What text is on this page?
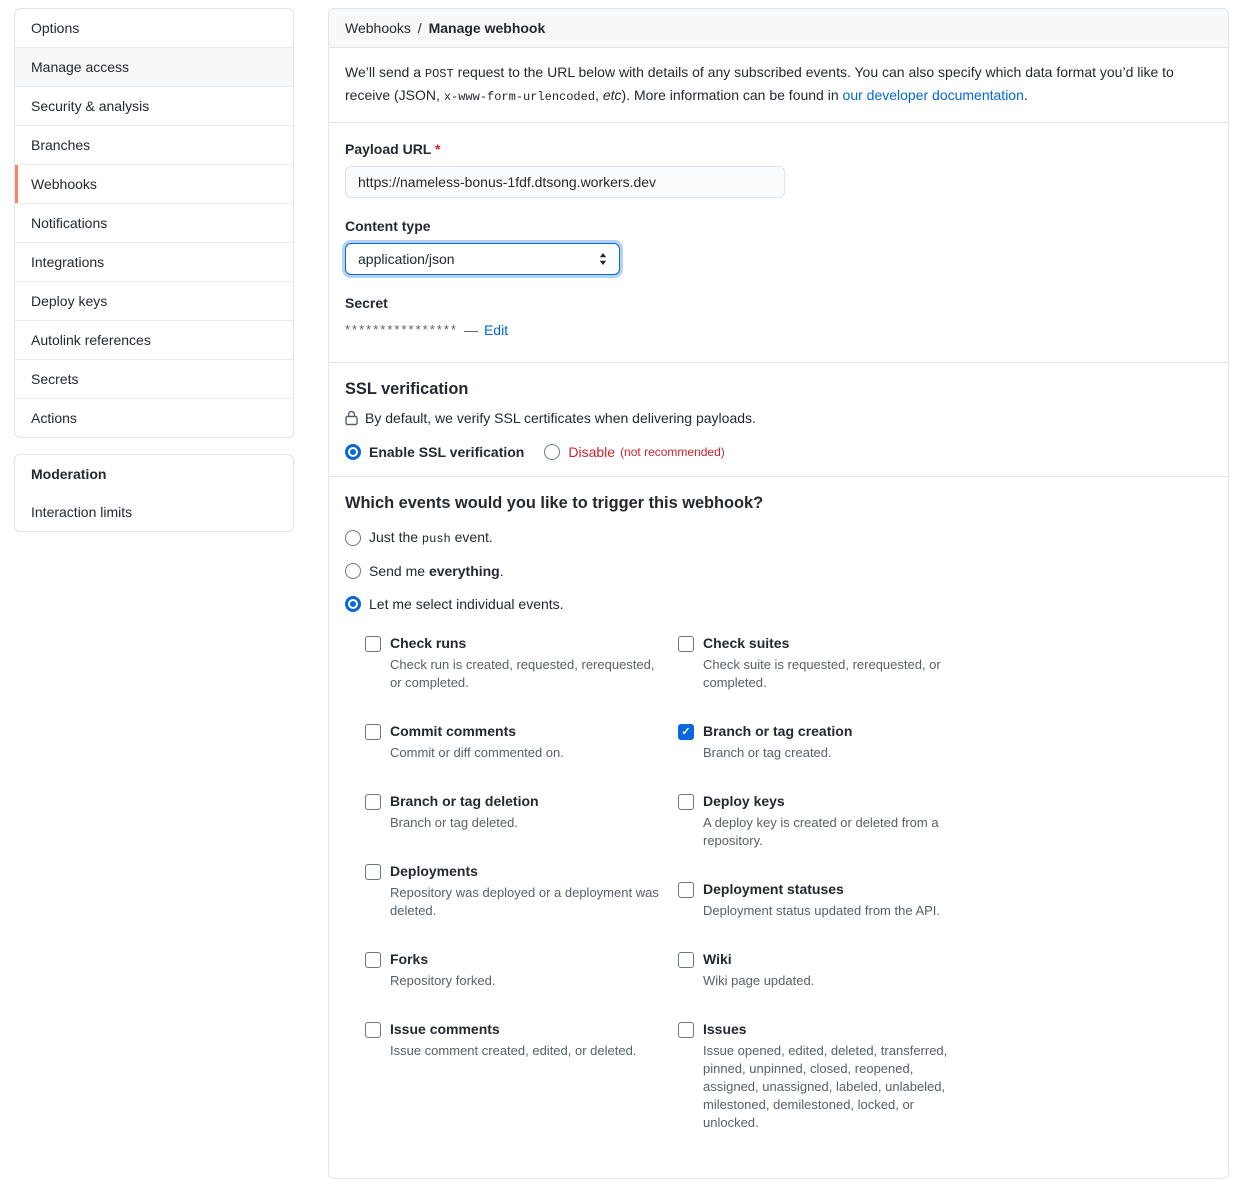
Options
Manage access
Security & analysis
Branches
Webhooks
Notifications
Integrations
Deploy keys
Autolink references
Secrets
Actions
Moderation
Interaction limits
Webhooks / Manage webhook

We’ll send a POST request to the URL below with details of any subscribed events. You can also specify which data format you’d like to receive (JSON, x-www-form-urlencoded, etc). More information can be found in our developer documentation.

Payload URL *
https://nameless-bonus-1fdf.dtsong.workers.dev
Content type
application/json
Secret
**************** — Edit
SSL verification
By default, we verify SSL certificates when delivering payloads.
Enable SSL verification	Disable (not recommended)
Which events would you like to trigger this webhook?
Just the push event.
Send me everything.
Let me select individual events.
Check runs
Check run is created, requested, rerequested, or completed.
Commit comments
Commit or diff commented on.
Branch or tag deletion
Branch or tag deleted.
Deployments
Repository was deployed or a deployment was deleted.
Forks
Repository forked.
Issue comments
Issue comment created, edited, or deleted.
Check suites
Check suite is requested, rerequested, or completed.
✓ Branch or tag creation
Branch or tag created.
Deploy keys
A deploy key is created or deleted from a repository.
Deployment statuses
Deployment status updated from the API.
Wiki
Wiki page updated.
Issues
Issue opened, edited, deleted, transferred, pinned, unpinned, closed, reopened, assigned, unassigned, labeled, unlabeled, milestoned, demilestoned, locked, or unlocked.
